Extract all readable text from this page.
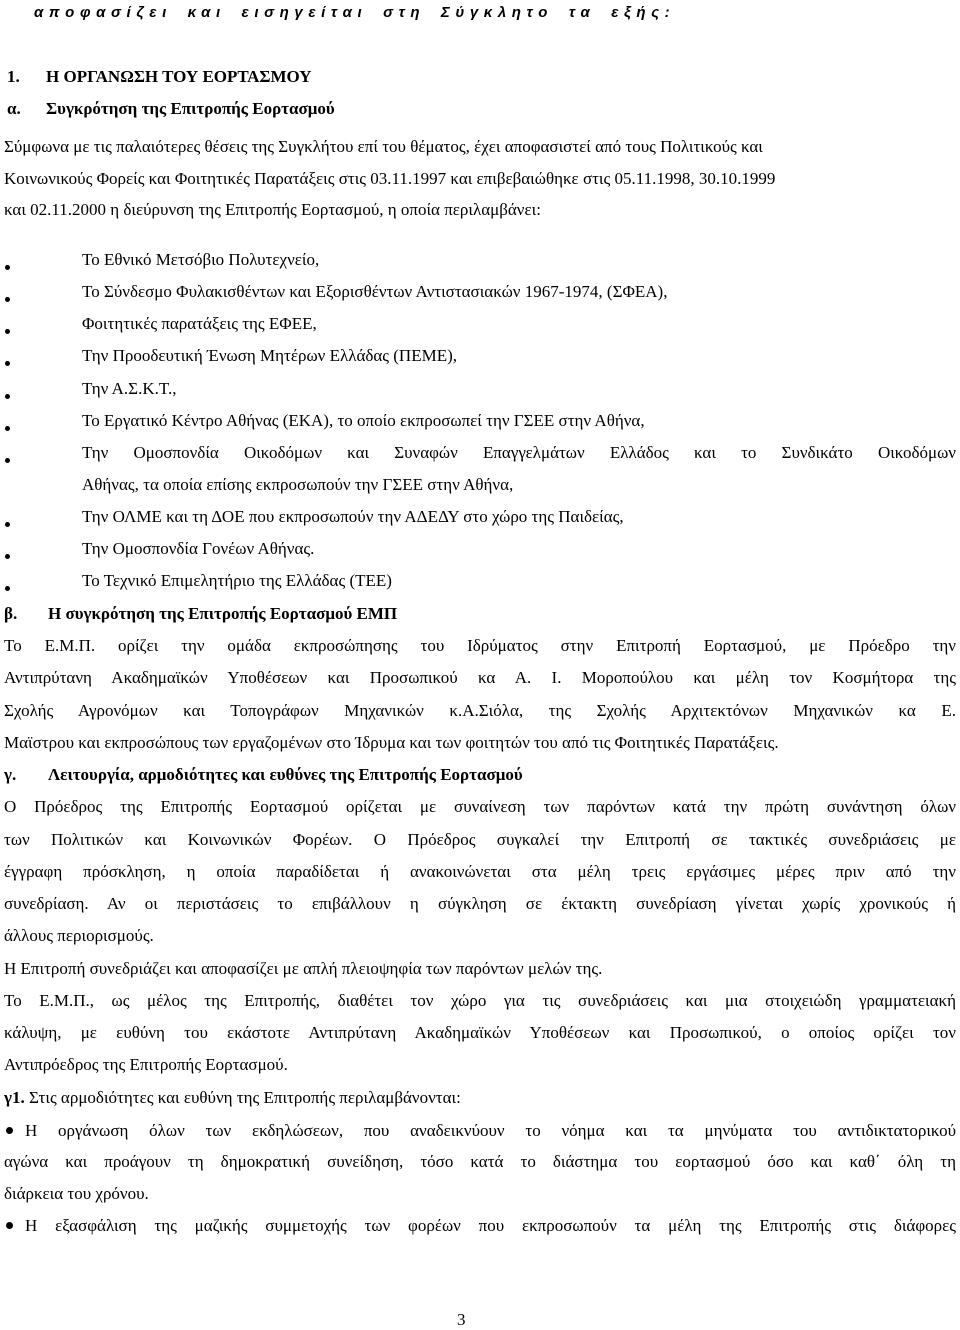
αποφασίζει και εισηγείται στη Σύγκλητο τα εξής:
1. Η ΟΡΓΑΝΩΣΗ ΤΟΥ ΕΟΡΤΑΣΜΟΥ
α. Συγκρότηση της Επιτροπής Εορτασμού
Σύμφωνα με τις παλαιότερες θέσεις της Συγκλήτου επί του θέματος, έχει αποφασιστεί από τους Πολιτικούς και
Κοινωνικούς Φορείς και Φοιτητικές Παρατάξεις στις 03.11.1997 και επιβεβαιώθηκε στις 05.11.1998, 30.10.1999
και 02.11.2000 η διεύρυνση της Επιτροπής Εορτασμού, η οποία περιλαμβάνει:
Το Εθνικό Μετσόβιο Πολυτεχνείο,
Το Σύνδεσμο Φυλακισθέντων και Εξορισθέντων Αντιστασιακών 1967-1974, (ΣΦΕΑ),
Φοιτητικές παρατάξεις της ΕΦΕΕ,
Την Προοδευτική Ένωση Μητέρων Ελλάδας (ΠΕΜΕ),
Την Α.Σ.Κ.Τ.,
Το Εργατικό Κέντρο Αθήνας (ΕΚΑ), το οποίο εκπροσωπεί την ΓΣΕΕ στην Αθήνα,
Την Ομοσπονδία Οικοδόμων και Συναφών Επαγγελμάτων Ελλάδος και το Συνδικάτο Οικοδόμων
Αθήνας, τα οποία επίσης εκπροσωπούν την ΓΣΕΕ στην Αθήνα,
Την ΟΛΜΕ και τη ΔΟΕ που εκπροσωπούν την ΑΔΕΔΥ στο χώρο της Παιδείας,
Την Ομοσπονδία Γονέων Αθήνας.
Το Τεχνικό Επιμελητήριο της Ελλάδας (ΤΕΕ)
β. Η συγκρότηση της Επιτροπής Εορτασμού ΕΜΠ
Το Ε.Μ.Π. ορίζει την ομάδα εκπροσώπησης του Ιδρύματος στην Επιτροπή Εορτασμού, με Πρόεδρο την
Αντιπρύτανη Ακαδημαϊκών Υποθέσεων και Προσωπικού κα Α. Ι. Μοροπούλου και μέλη τον Κοσμήτορα της
Σχολής Αγρονόμων και Τοπογράφων Μηχανικών κ.Α.Σιόλα, της Σχολής Αρχιτεκτόνων Μηχανικών κα Ε.
Μαϊστρου και εκπροσώπους των εργαζομένων στο Ίδρυμα και των φοιτητών του από τις Φοιτητικές Παρατάξεις.
γ. Λειτουργία, αρμοδιότητες και ευθύνες της Επιτροπής Εορτασμού
Ο Πρόεδρος της Επιτροπής Εορτασμού ορίζεται με συναίνεση των παρόντων κατά την πρώτη συνάντηση όλων
των Πολιτικών και Κοινωνικών Φορέων. Ο Πρόεδρος συγκαλεί την Επιτροπή σε τακτικές συνεδριάσεις με
έγγραφη πρόσκληση, η οποία παραδίδεται ή ανακοινώνεται στα μέλη τρεις εργάσιμες μέρες πριν από την
συνεδρίαση. Αν οι περιστάσεις το επιβάλλουν η σύγκληση σε έκτακτη συνεδρίαση γίνεται χωρίς χρονικούς ή
άλλους περιορισμούς.
Η Επιτροπή συνεδριάζει και αποφασίζει με απλή πλειοψηφία των παρόντων μελών της.
Το Ε.Μ.Π., ως μέλος της Επιτροπής, διαθέτει τον χώρο για τις συνεδριάσεις και μια στοιχειώδη γραμματειακή
κάλυψη, με ευθύνη του εκάστοτε Αντιπρύτανη Ακαδημαϊκών Υποθέσεων και Προσωπικού, ο οποίος ορίζει τον
Αντιπρόεδρος της Επιτροπής Εορτασμού.
γ1. Στις αρμοδιότητες και ευθύνη της Επιτροπής περιλαμβάνονται:
Η οργάνωση όλων των εκδηλώσεων, που αναδεικνύουν το νόημα και τα μηνύματα του αντιδικτατορικού
αγώνα και προάγουν τη δημοκρατική συνείδηση, τόσο κατά το διάστημα του εορτασμού όσο και καθ΄ όλη τη
διάρκεια του χρόνου.
Η εξασφάλιση της μαζικής συμμετοχής των φορέων που εκπροσωπούν τα μέλη της Επιτροπής στις διάφορες
3
